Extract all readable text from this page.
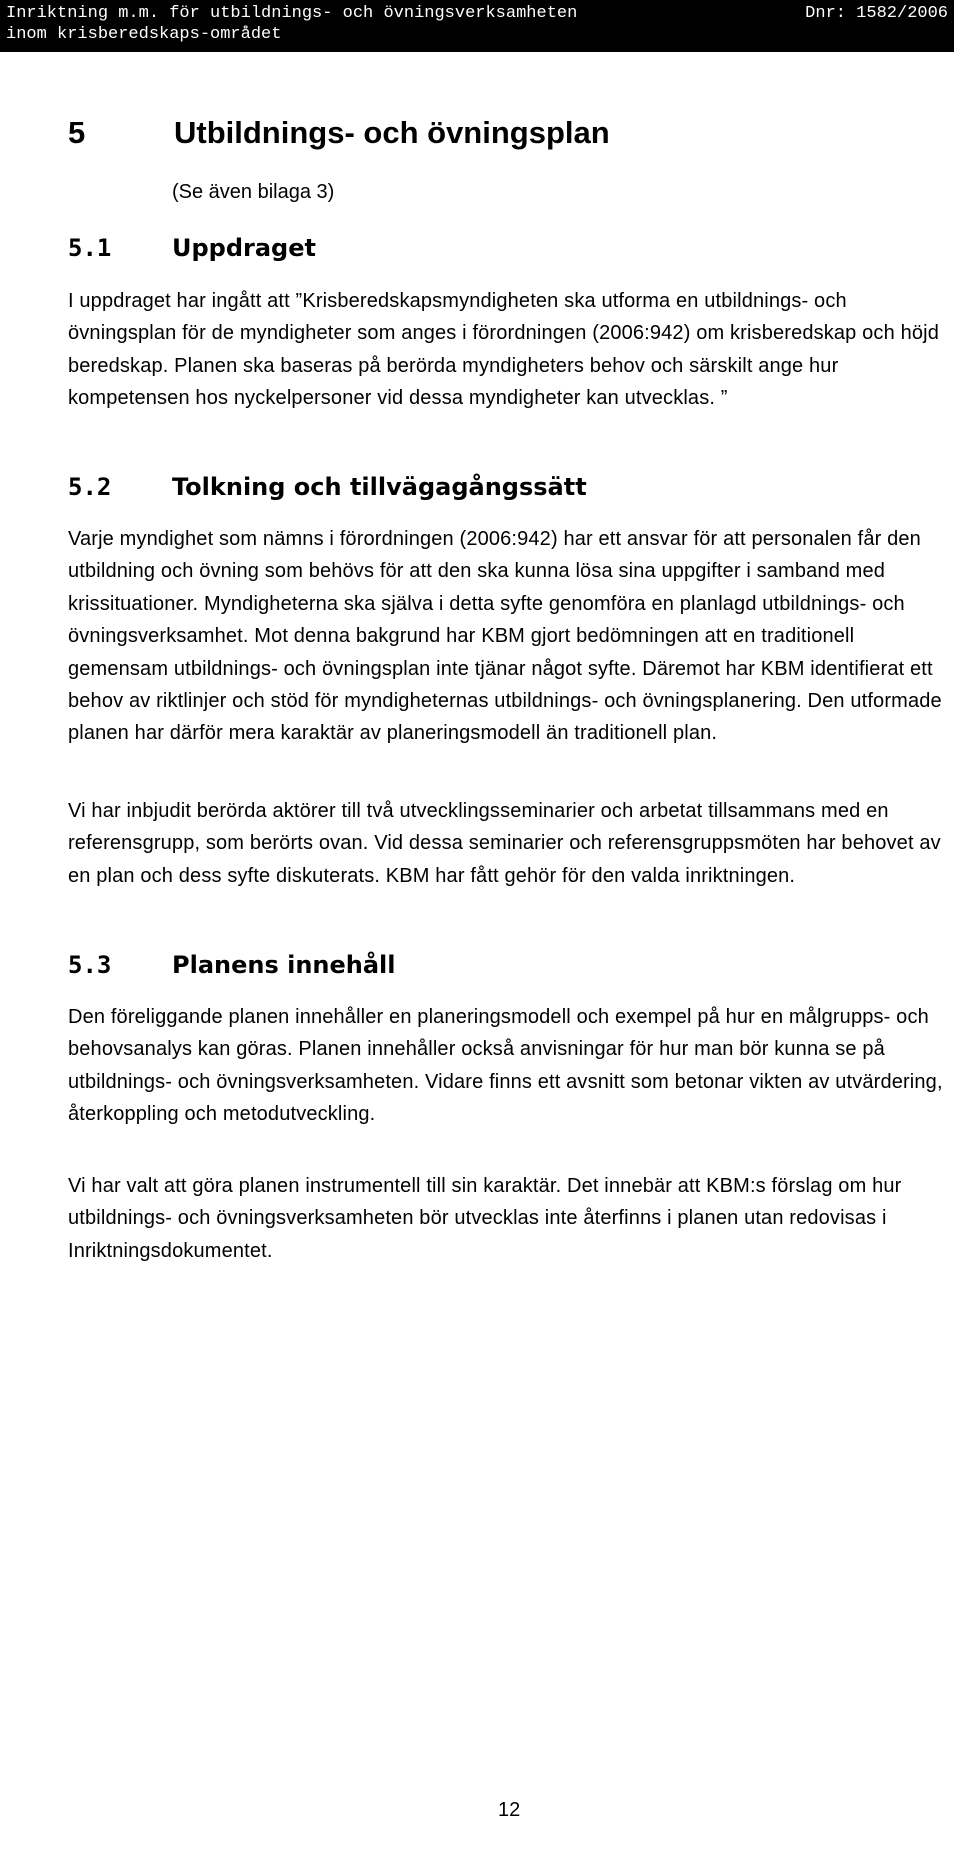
Inriktning m.m. för utbildnings- och övningsverksamheten	Dnr: 1582/2006
inom krisberedskaps-området
5	Utbildnings- och övningsplan
(Se även bilaga 3)
5.1	Uppdraget

I uppdraget har ingått att ”Krisberedskapsmyndigheten ska utforma en utbildnings- och övningsplan för de myndigheter som anges i förordningen (2006:942) om krisberedskap och höjd beredskap. Planen ska baseras på berörda myndigheters behov och särskilt ange hur kompetensen hos nyckelpersoner vid dessa myndigheter kan utvecklas. ”

5.2	Tolkning och tillvägagångssätt

Varje myndighet som nämns i förordningen (2006:942) har ett ansvar för att personalen får den utbildning och övning som behövs för att den ska kunna lösa sina uppgifter i samband med krissituationer. Myndigheterna ska själva i detta syfte genomföra en planlagd utbildnings- och övningsverksamhet. Mot denna bakgrund har KBM gjort bedömningen att en traditionell gemensam utbildnings- och övningsplan inte tjänar något syfte. Däremot har KBM identifierat ett behov av riktlinjer och stöd för myndigheternas utbildnings- och övningsplanering. Den utformade planen har därför mera karaktär av planeringsmodell än traditionell plan.

Vi har inbjudit berörda aktörer till två utvecklingsseminarier och arbetat tillsammans med en referensgrupp, som berörts ovan. Vid dessa seminarier och referensgruppsmöten har behovet av en plan och dess syfte diskuterats. KBM har fått gehör för den valda inriktningen.

5.3	Planens innehåll

Den föreliggande planen innehåller en planeringsmodell och exempel på hur en målgrupps- och behovsanalys kan göras. Planen innehåller också anvisningar för hur man bör kunna se på utbildnings- och övningsverksamheten. Vidare finns ett avsnitt som betonar vikten av utvärdering, återkoppling och metodutveckling.

Vi har valt att göra planen instrumentell till sin karaktär. Det innebär att KBM:s förslag om hur utbildnings- och övningsverksamheten bör utvecklas inte återfinns i planen utan redovisas i Inriktningsdokumentet.

12
